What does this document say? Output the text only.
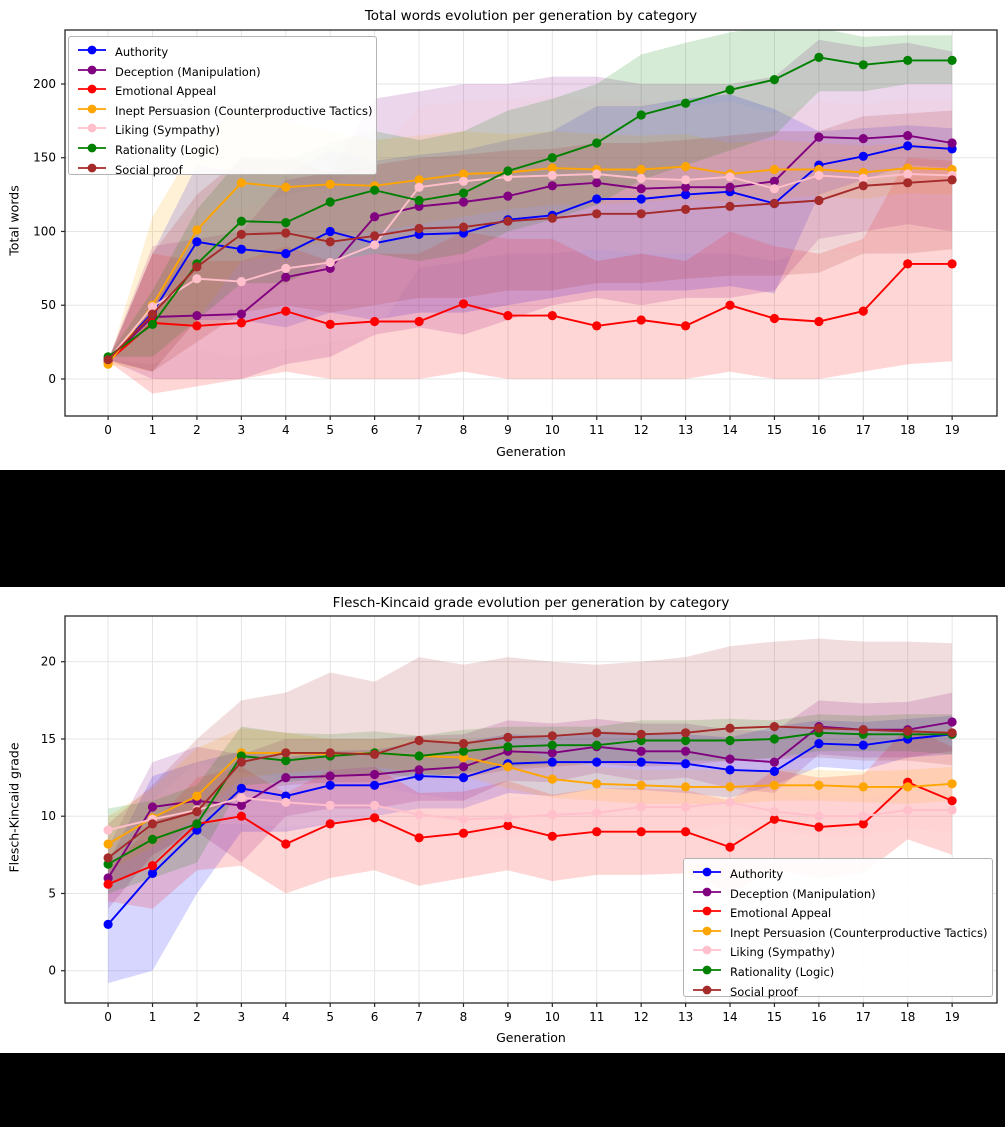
Total words evolution per generation by category
Total words
0	1	2	3	4	5	6	7	8	9	10 11 12 13 14 15 16 17 18 19
0
50
100
150
200
Generation
Authority
Deception (Manipulation)
Emotional Appeal
Inept Persuasion (Counterproductive Tactics)
Liking (Sympathy)
Rationality (Logic)
Social proof
Flesch-Kincaid grade evolution per generation by category
Flesch-Kincaid grade
0	1	2	3	4	5	6	7	8	9	10 11 12 13 14 15 16 17 18 19
0
5
10
15
20
Generation
Authority
Deception (Manipulation)
Emotional Appeal
Inept Persuasion (Counterproductive Tactics)
Liking (Sympathy)
Rationality (Logic)
Social proof
